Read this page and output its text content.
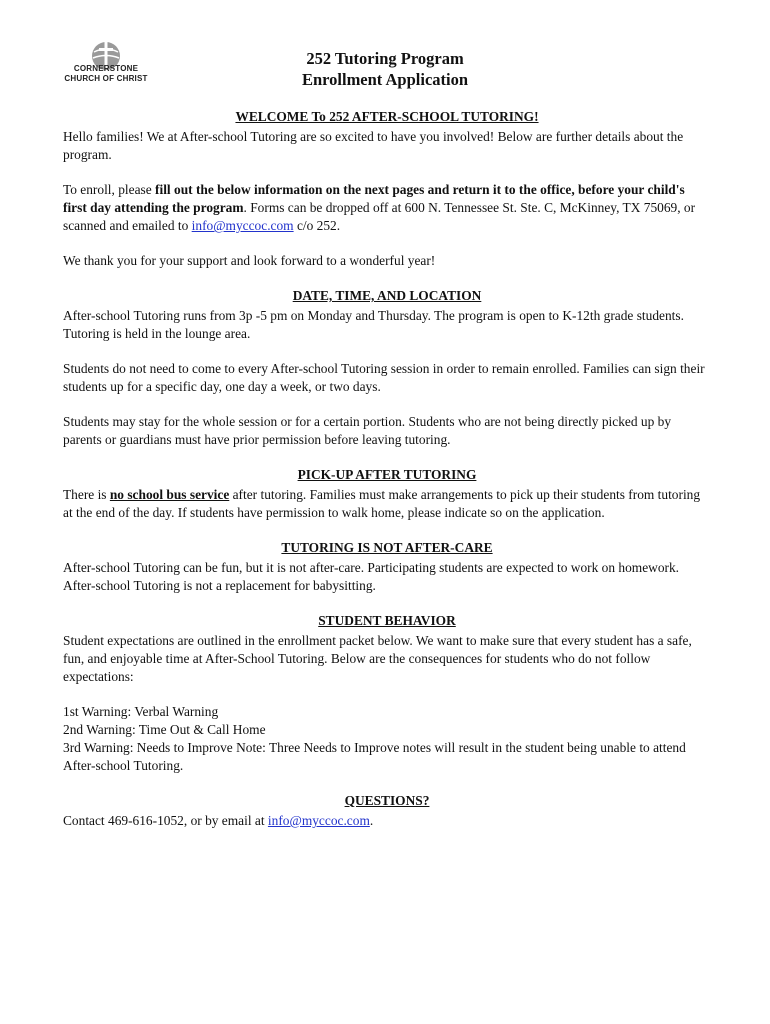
CORNERSTONE
CHURCH OF CHRIST
252 Tutoring Program
Enrollment Application
WELCOME To 252 AFTER-SCHOOL TUTORING!

Hello families! We at After-school Tutoring are so excited to have you involved! Below are further details about the program.

To enroll, please fill out the below information on the next pages and return it to the office, before your child's first day attending the program. Forms can be dropped off at 600 N. Tennessee St. Ste. C, McKinney, TX 75069, or scanned and emailed to info@myccoc.com c/o 252.

We thank you for your support and look forward to a wonderful year!

DATE, TIME, AND LOCATION

After-school Tutoring runs from 3p -5 pm on Monday and Thursday. The program is open to K-12th grade students. Tutoring is held in the lounge area.

Students do not need to come to every After-school Tutoring session in order to remain enrolled. Families can sign their students up for a specific day, one day a week, or two days.

Students may stay for the whole session or for a certain portion. Students who are not being directly picked up by parents or guardians must have prior permission before leaving tutoring.

PICK-UP AFTER TUTORING

There is no school bus service after tutoring. Families must make arrangements to pick up their students from tutoring at the end of the day. If students have permission to walk home, please indicate so on the application.

TUTORING IS NOT AFTER-CARE

After-school Tutoring can be fun, but it is not after-care. Participating students are expected to work on homework. After-school Tutoring is not a replacement for babysitting.

STUDENT BEHAVIOR

Student expectations are outlined in the enrollment packet below. We want to make sure that every student has a safe, fun, and enjoyable time at After-School Tutoring. Below are the consequences for students who do not follow expectations:

1st Warning: Verbal Warning
2nd Warning: Time Out & Call Home
3rd Warning: Needs to Improve Note: Three Needs to Improve notes will result in the student being unable to attend After-school Tutoring.

QUESTIONS?

Contact 469-616-1052, or by email at info@myccoc.com.
